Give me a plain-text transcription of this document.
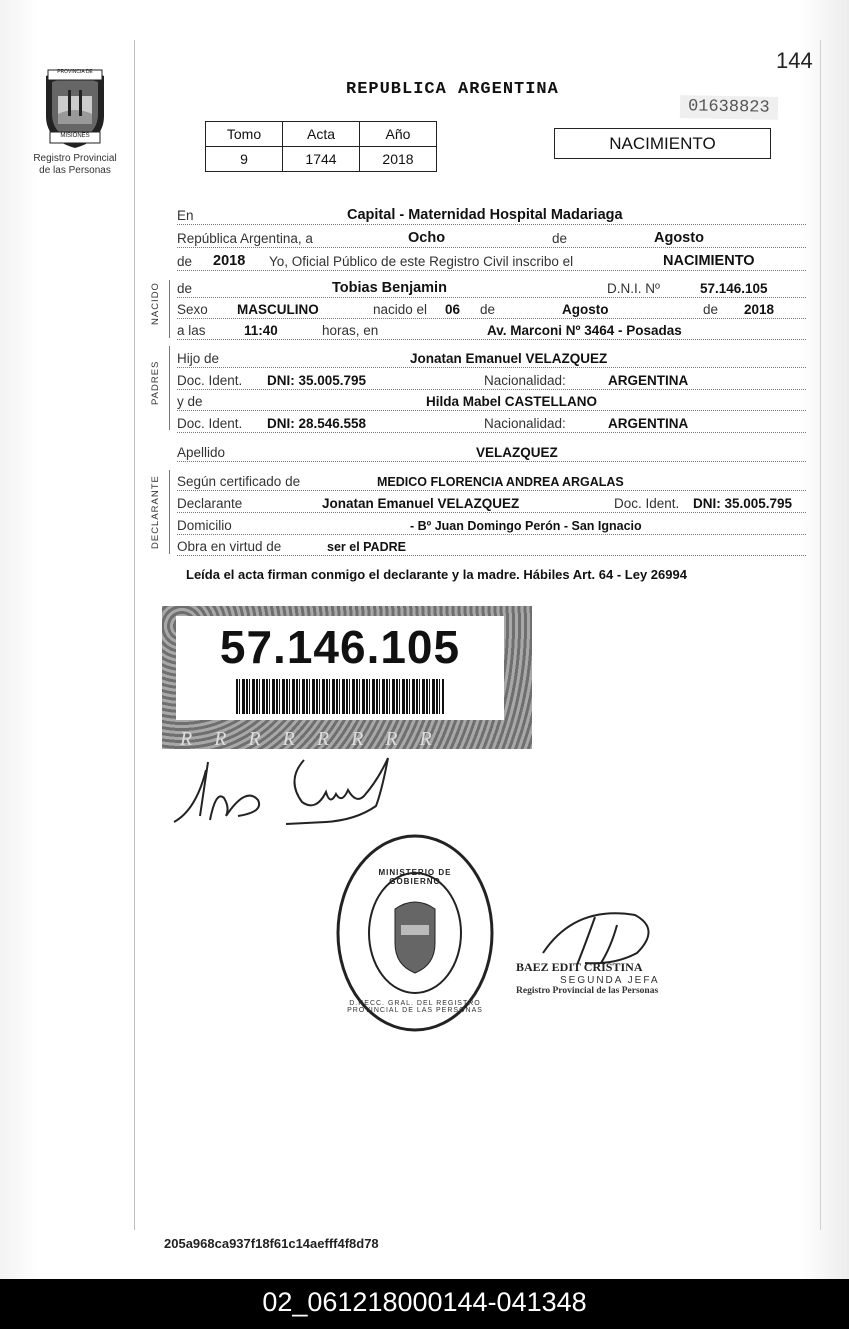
PROVINCIA DE
MISIONES
Registro Provincial
de las Personas
144
REPUBLICA ARGENTINA
01638823
NACIMIENTO
Tomo	Acta	Año
9	1744	2018
En	Capital - Maternidad Hospital Madariaga
República Argentina, a	Ocho	de	Agosto
de 2018 Yo, Oficial Público de este Registro Civil inscribo el	NACIMIENTO
NACIDO de	Tobias Benjamin	D.N.I. Nº	57.146.105
Sexo MASCULINO	nacido el 06 de	Agosto	de 2018
a las	11:40	horas, en	Av. Marconi Nº 3464 - Posadas
PADRES
Hijo de	Jonatan Emanuel VELAZQUEZ
Doc. Ident. DNI: 35.005.795	Nacionalidad:	ARGENTINA
y de	Hilda Mabel CASTELLANO
Doc. Ident. DNI: 28.546.558	Nacionalidad:	ARGENTINA
Apellido	VELAZQUEZ
DECLARANTE Según certificado de	MEDICO FLORENCIA ANDREA ARGALAS
Declarante	Jonatan Emanuel VELAZQUEZ	Doc. Ident. DNI: 35.005.795
Domicilio	- Bº Juan Domingo Perón - San Ignacio
Obra en virtud de	ser el PADRE
Leída el acta firman conmigo el declarante y la madre. Hábiles Art. 64 - Ley 26994
57.146.105
RRRRRRRR
D.RECC. GRAL. DEL REGISTRO PROVINCIAL DE LAS PERSONAS
MINISTERIO DE GOBIERNO
BAEZ EDIT CRISTINA
SEGUNDA JEFA
Registro Provincial de las Personas
205a968ca937f18f61c14aefff4f8d78
02_061218000144-041348
